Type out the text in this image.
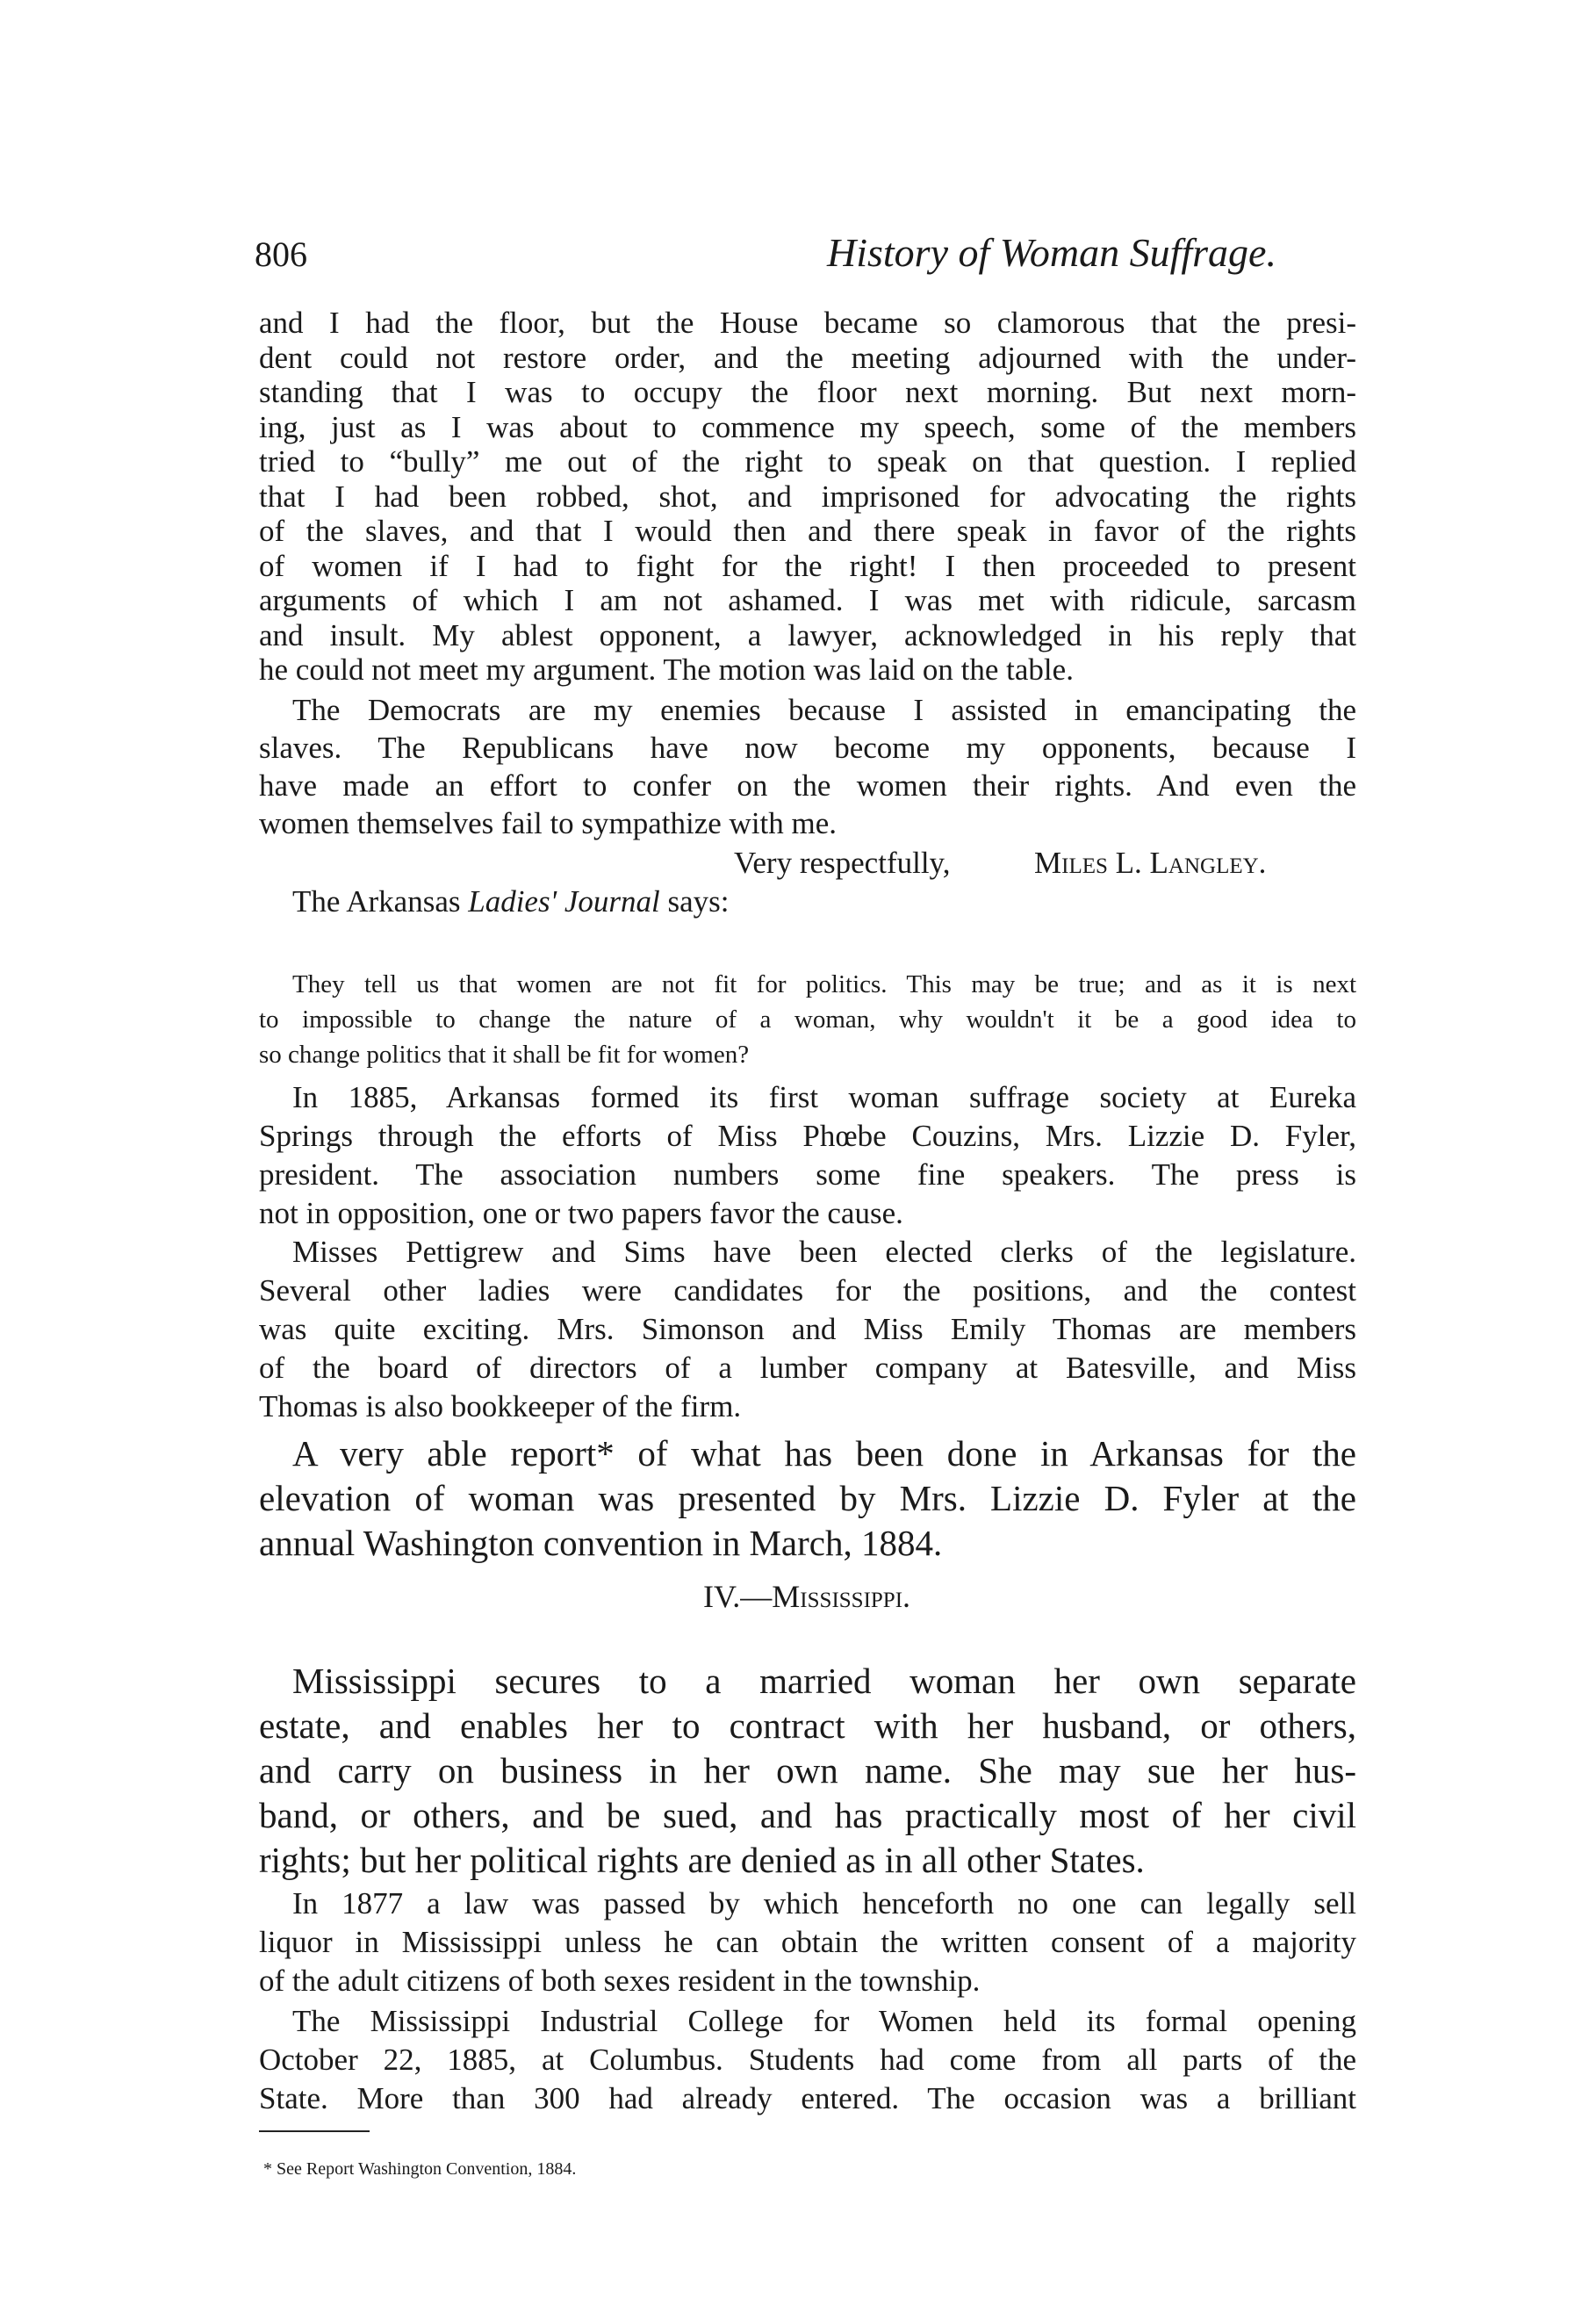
806	History of Woman Suffrage.
and I had the floor, but the House became so clamorous that the presi-
dent could not restore order, and the meeting adjourned with the under-
standing that I was to occupy the floor next morning. But next morn-
ing, just as I was about to commence my speech, some of the members
tried to “bully” me out of the right to speak on that question. I replied
that I had been robbed, shot, and imprisoned for advocating the rights
of the slaves, and that I would then and there speak in favor of the rights
of women if I had to fight for the right! I then proceeded to present
arguments of which I am not ashamed. I was met with ridicule, sarcasm
and insult. My ablest opponent, a lawyer, acknowledged in his reply that
he could not meet my argument. The motion was laid on the table.
The Democrats are my enemies because I assisted in emancipating the
slaves. The Republicans have now become my opponents, because I
have made an effort to confer on the women their rights. And even the
women themselves fail to sympathize with me.
Very respectfully,	Miles L. Langley.
The Arkansas Ladies' Journal says:
They tell us that women are not fit for politics. This may be true; and as it is next
to impossible to change the nature of a woman, why wouldn't it be a good idea to
so change politics that it shall be fit for women?
In 1885, Arkansas formed its first woman suffrage society at Eureka
Springs through the efforts of Miss Phœbe Couzins, Mrs. Lizzie D. Fyler,
president. The association numbers some fine speakers. The press is
not in opposition, one or two papers favor the cause.
Misses Pettigrew and Sims have been elected clerks of the legislature.
Several other ladies were candidates for the positions, and the contest
was quite exciting. Mrs. Simonson and Miss Emily Thomas are members
of the board of directors of a lumber company at Batesville, and Miss
Thomas is also bookkeeper of the firm.
A very able report* of what has been done in Arkansas for the
elevation of woman was presented by Mrs. Lizzie D. Fyler at the
annual Washington convention in March, 1884.
IV.—Mississippi.
Mississippi secures to a married woman her own separate
estate, and enables her to contract with her husband, or others,
and carry on business in her own name. She may sue her hus-
band, or others, and be sued, and has practically most of her civil
rights; but her political rights are denied as in all other States.
In 1877 a law was passed by which henceforth no one can legally sell
liquor in Mississippi unless he can obtain the written consent of a majority
of the adult citizens of both sexes resident in the township.
The Mississippi Industrial College for Women held its formal opening
October 22, 1885, at Columbus. Students had come from all parts of the
State. More than 300 had already entered. The occasion was a brilliant
* See Report Washington Convention, 1884.
